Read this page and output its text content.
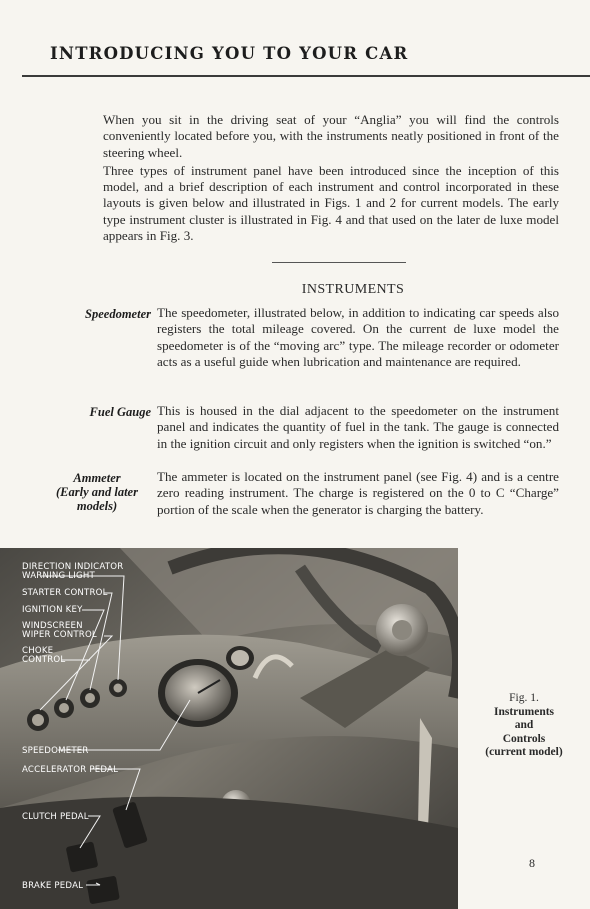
INTRODUCING YOU TO YOUR CAR

When you sit in the driving seat of your “Anglia” you will find the controls conveniently located before you, with the instruments neatly positioned in front of the steering wheel.

Three types of instrument panel have been introduced since the inception of this model, and a brief description of each instrument and control incorporated in these layouts is given below and illustrated in Figs. 1 and 2 for current models. The early type instrument cluster is illustrated in Fig. 4 and that used on the later de luxe model appears in Fig. 3.

INSTRUMENTS
Speedometer The speedometer, illustrated below, in addition to indicating car speeds also registers the total mileage covered. On the current de luxe model the speedometer is of the “moving arc” type. The mileage recorder or odometer acts as a useful guide when lubrication and maintenance are required.
Fuel Gauge This is housed in the dial adjacent to the speedometer on the instrument panel and indicates the quantity of fuel in the tank. The gauge is connected in the ignition circuit and only registers when the ignition is switched “on.”
Ammeter
(Early and later
models)
The ammeter is located on the instrument panel (see Fig. 4) and is a centre zero reading instrument. The charge is registered on the 0 to C “Charge” portion of the scale when the generator is charging the battery.
DIRECTION INDICATOR
WARNING LIGHT
STARTER CONTROL
IGNITION KEY
WINDSCREEN
WIPER CONTROL
CHOKE
CONTROL
SPEEDOMETER
ACCELERATOR PEDAL
CLUTCH PEDAL
BRAKE PEDAL
Fig. 1.
Instruments
and
Controls
(current model)
8
